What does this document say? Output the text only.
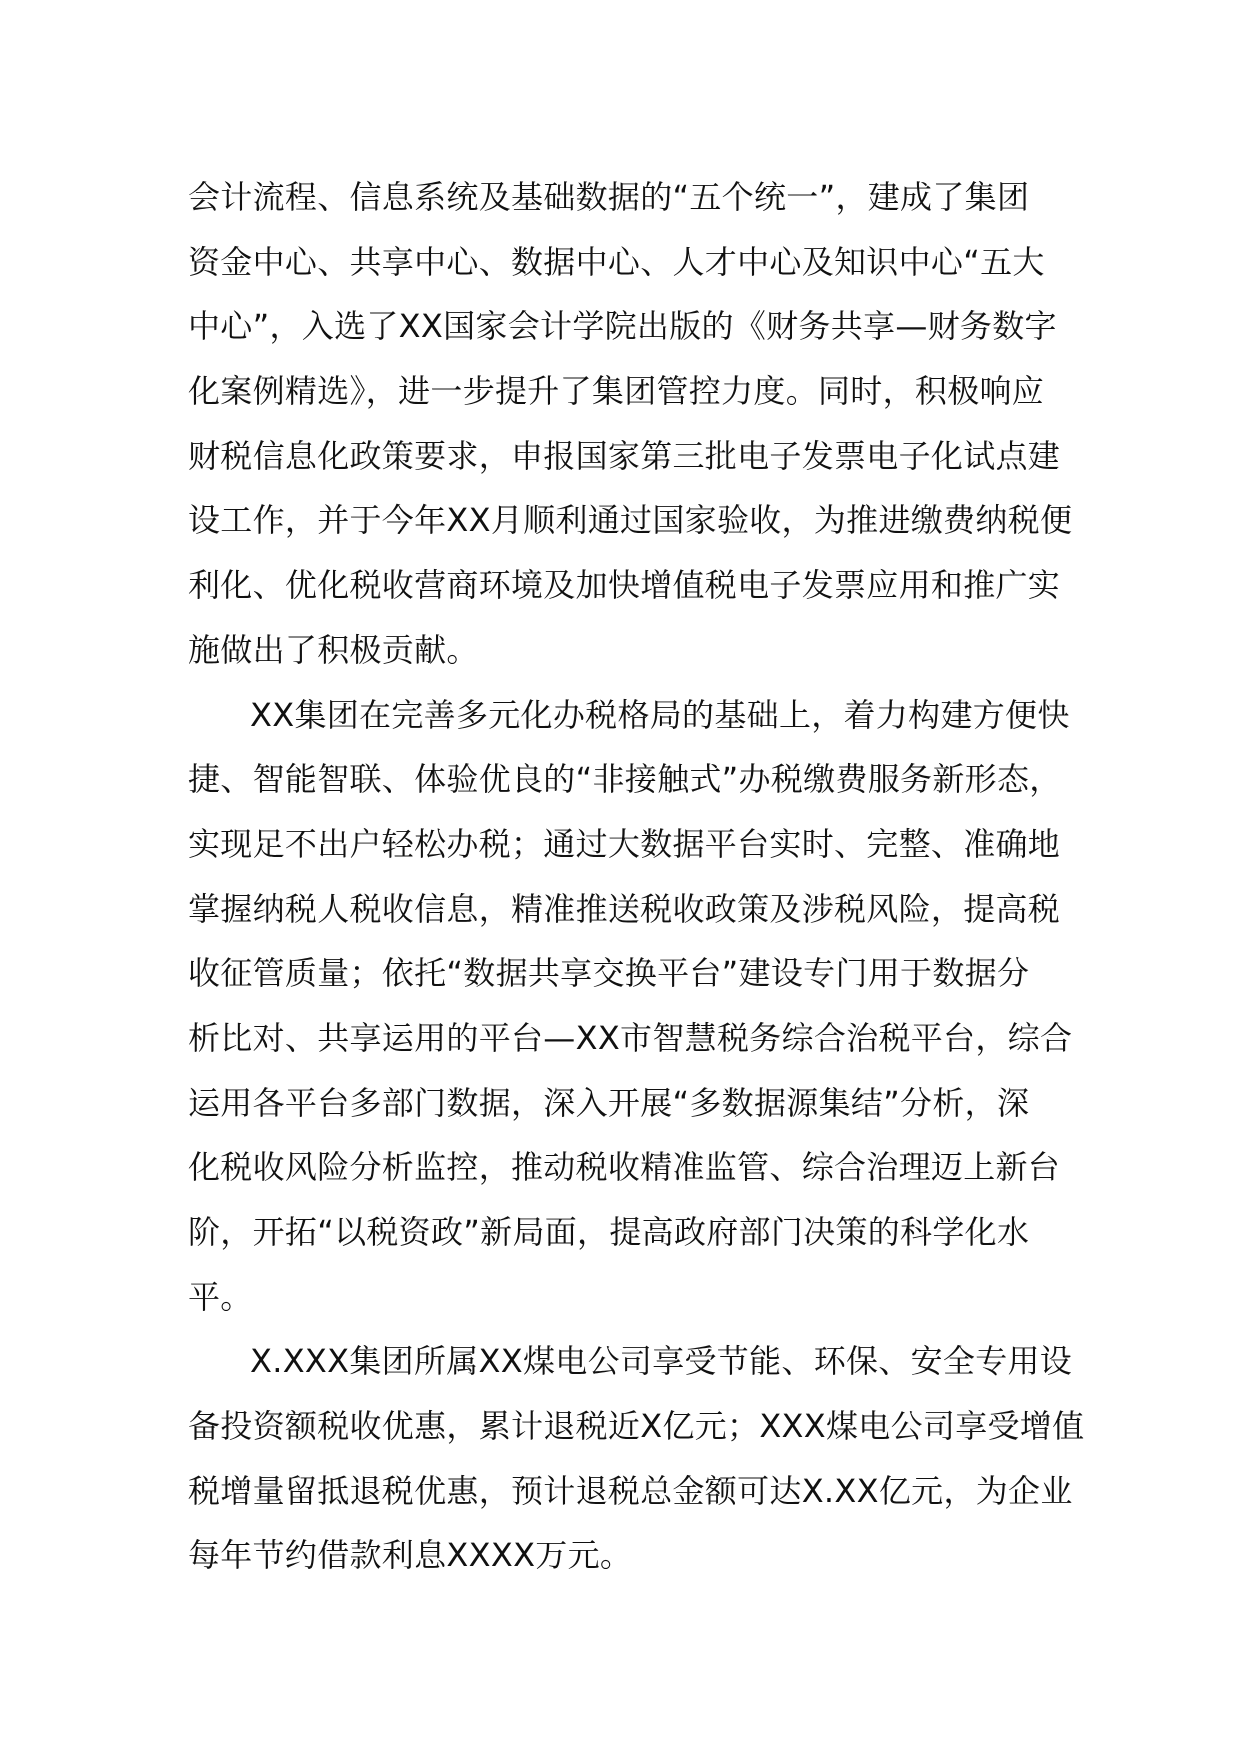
会计流程、信息系统及基础数据的“五个统一”，建成了集团
资金中心、共享中心、数据中心、人才中心及知识中心“五大
中心”，入选了XX国家会计学院出版的《财务共享—财务数字
化案例精选》，进一步提升了集团管控力度。同时，积极响应
财税信息化政策要求，申报国家第三批电子发票电子化试点建
设工作，并于今年XX月顺利通过国家验收，为推进缴费纳税便
利化、优化税收营商环境及加快增值税电子发票应用和推广实
施做出了积极贡献。
XX集团在完善多元化办税格局的基础上，着力构建方便快
捷、智能智联、体验优良的“非接触式”办税缴费服务新形态，
实现足不出户轻松办税；通过大数据平台实时、完整、准确地
掌握纳税人税收信息，精准推送税收政策及涉税风险，提高税
收征管质量；依托“数据共享交换平台”建设专门用于数据分
析比对、共享运用的平台—XX市智慧税务综合治税平台，综合
运用各平台多部门数据，深入开展“多数据源集结”分析，深
化税收风险分析监控，推动税收精准监管、综合治理迈上新台
阶，开拓“以税资政”新局面，提高政府部门决策的科学化水
平。
X.XXX集团所属XX煤电公司享受节能、环保、安全专用设
备投资额税收优惠，累计退税近X亿元；XXX煤电公司享受增值
税增量留抵退税优惠，预计退税总金额可达X.XX亿元，为企业
每年节约借款利息XXXX万元。
